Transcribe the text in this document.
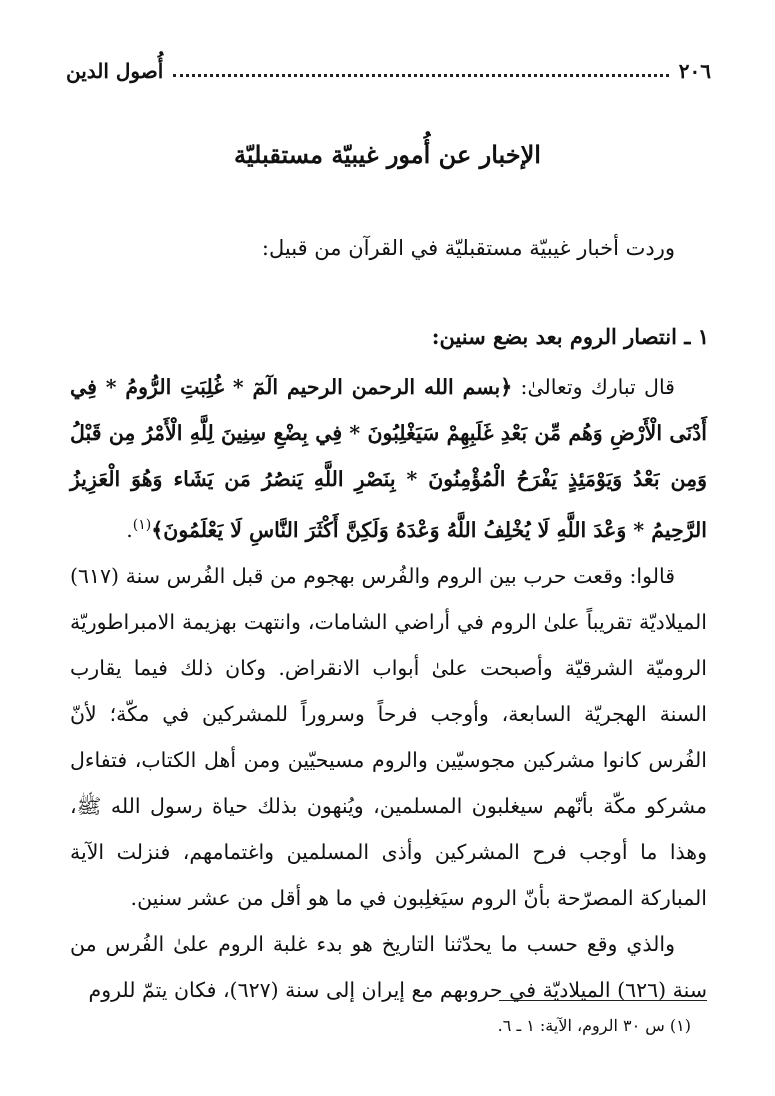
٢٠٦
أُصول الدين
الإخبار عن أُمور غيبيّة مستقبليّة
وردت أخبار غيبيّة مستقبليّة في القرآن من قبيل:
١ ـ انتصار الروم بعد بضع سنين:

قال تبارك وتعالىٰ: ﴿بسم الله الرحمن الرحيم الٓمٓ * غُلِبَتِ الرُّومُ * فِي أَدْنَى الْأَرْضِ وَهُم مِّن بَعْدِ غَلَبِهِمْ سَيَغْلِبُونَ * فِي بِضْعِ سِنِينَ لِلَّهِ الْأَمْرُ مِن قَبْلُ وَمِن بَعْدُ وَيَوْمَئِذٍ يَفْرَحُ الْمُؤْمِنُونَ * بِنَصْرِ اللَّهِ يَنصُرُ مَن يَشَاء وَهُوَ الْعَزِيزُ الرَّحِيمُ * وَعْدَ اللَّهِ لَا يُخْلِفُ اللَّهُ وَعْدَهُ وَلَكِنَّ أَكْثَرَ النَّاسِ لَا يَعْلَمُونَ﴾$^{(١)}$.

قالوا: وقعت حرب بين الروم والفُرس بهجوم من قبل الفُرس سنة (٦١٧) الميلاديّة تقريباً علىٰ الروم في أراضي الشامات، وانتهت بهزيمة الامبراطوريّة الروميّة الشرقيّة وأصبحت علىٰ أبواب الانقراض. وكان ذلك فيما يقارب السنة الهجريّة السابعة، وأوجب فرحاً وسروراً للمشركين في مكّة؛ لأنّ الفُرس كانوا مشركين مجوسيّين والروم مسيحيّين ومن أهل الكتاب، فتفاءل مشركو مكّة بأنّهم سيغلبون المسلمين، ويُنهون بذلك حياة رسول الله ﷺ، وهذا ما أوجب فرح المشركين وأذى المسلمين واغتمامهم، فنزلت الآية المباركة المصرّحة بأنّ الروم سيَغلِبون في ما هو أقل من عشر سنين.

والذي وقع حسب ما يحدّثنا التاريخ هو بدء غلبة الروم علىٰ الفُرس من سنة (٦٢٦) الميلاديّة في حروبهم مع إيران إلى سنة (٦٢٧)، فكان يتمّ للروم

(١) س ٣٠ الروم، الآية: ١ ـ ٦.
